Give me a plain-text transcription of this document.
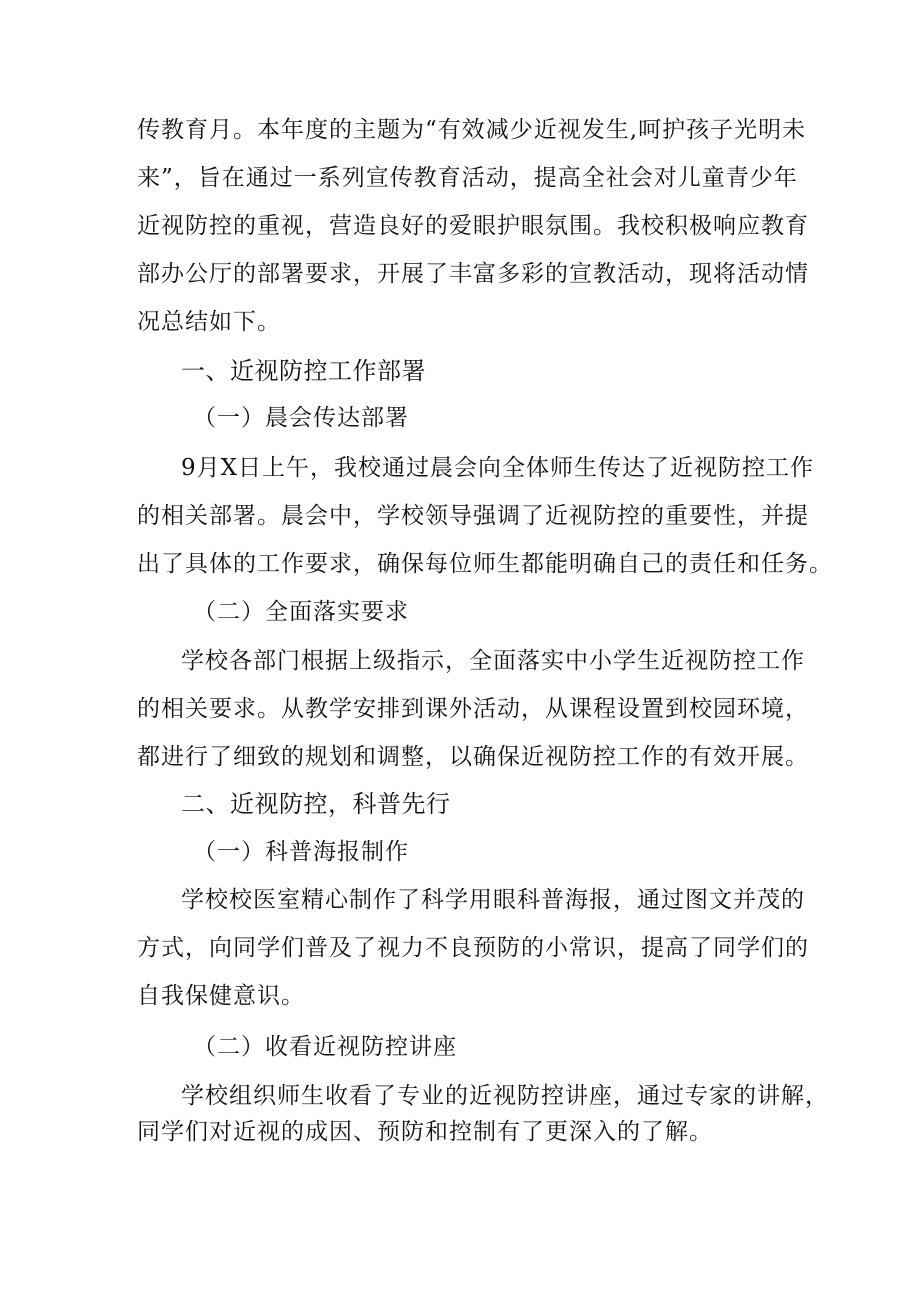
传教育月。本年度的主题为“有效减少近视发生,呵护孩子光明未
来”，旨在通过一系列宣传教育活动，提高全社会对儿童青少年
近视防控的重视，营造良好的爱眼护眼氛围。我校积极响应教育
部办公厅的部署要求，开展了丰富多彩的宣教活动，现将活动情
况总结如下。
一、近视防控工作部署
（一）晨会传达部署
9月X日上午，我校通过晨会向全体师生传达了近视防控工作
的相关部署。晨会中，学校领导强调了近视防控的重要性，并提
出了具体的工作要求，确保每位师生都能明确自己的责任和任务。
（二）全面落实要求
学校各部门根据上级指示，全面落实中小学生近视防控工作
的相关要求。从教学安排到课外活动，从课程设置到校园环境，
都进行了细致的规划和调整，以确保近视防控工作的有效开展。
二、近视防控，科普先行
（一）科普海报制作
学校校医室精心制作了科学用眼科普海报，通过图文并茂的
方式，向同学们普及了视力不良预防的小常识，提高了同学们的
自我保健意识。
（二）收看近视防控讲座
学校组织师生收看了专业的近视防控讲座，通过专家的讲解，
同学们对近视的成因、预防和控制有了更深入的了解。
